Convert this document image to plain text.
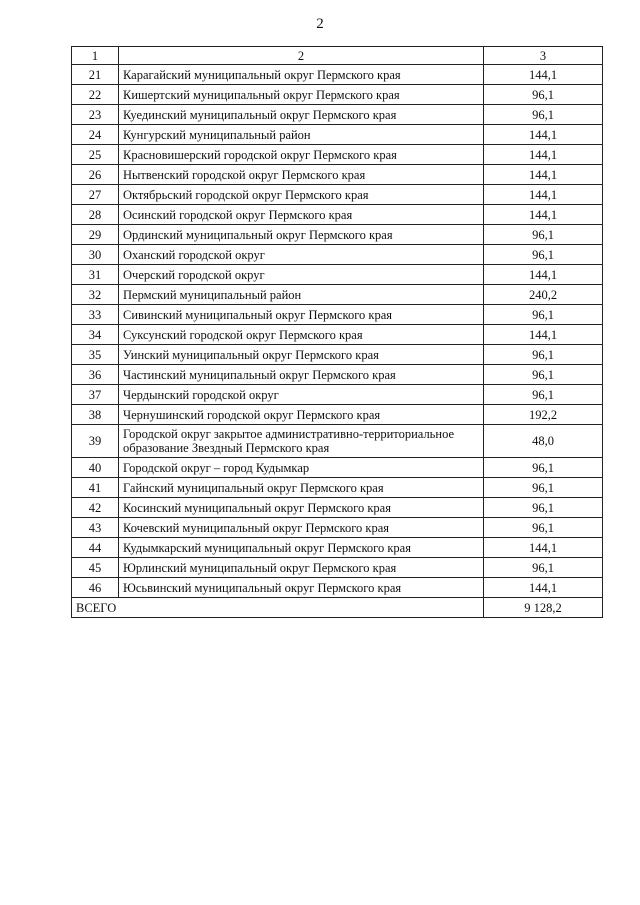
2
1	2	3
21	Карагайский муниципальный округ Пермского края	144,1
22	Кишертский муниципальный округ Пермского края	96,1
23	Куединский муниципальный округ Пермского края	96,1
24	Кунгурский муниципальный район	144,1
25	Красновишерский городской округ Пермского края	144,1
26	Нытвенский городской округ Пермского края	144,1
27	Октябрьский городской округ Пермского края	144,1
28	Осинский городской округ Пермского края	144,1
29	Ординский муниципальный округ Пермского края	96,1
30	Оханский городской округ	96,1
31	Очерский городской округ	144,1
32	Пермский муниципальный район	240,2
33	Сивинский муниципальный округ Пермского края	96,1
34	Суксунский городской округ Пермского края	144,1
35	Уинский муниципальный округ Пермского края	96,1
36	Частинский муниципальный округ Пермского края	96,1
37	Чердынский городской округ	96,1
38	Чернушинский городской округ Пермского края	192,2
39	Городской округ закрытое административно-территориальное образование Звездный Пермского края	48,0
40	Городской округ – город Кудымкар	96,1
41	Гайнский муниципальный округ Пермского края	96,1
42	Косинский муниципальный округ Пермского края	96,1
43	Кочевский муниципальный округ Пермского края	96,1
44	Кудымкарский муниципальный округ Пермского края	144,1
45	Юрлинский муниципальный округ Пермского края	96,1
46	Юсьвинский муниципальный округ Пермского края	144,1
ВСЕГО		9 128,2
